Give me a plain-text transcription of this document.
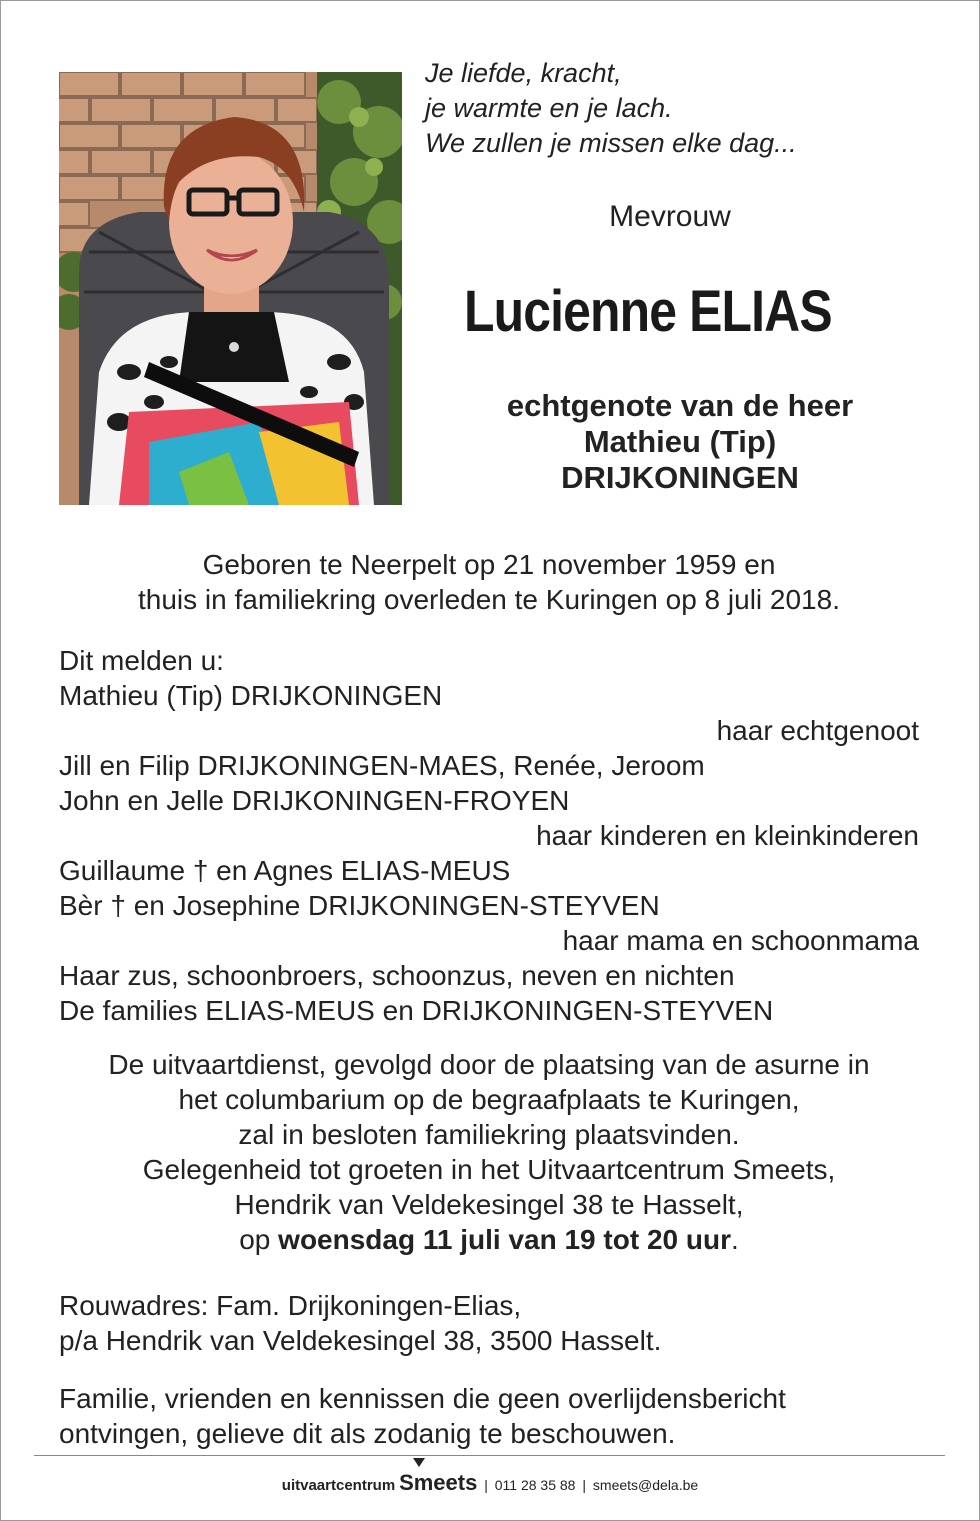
Je liefde, kracht,
je warmte en je lach.
We zullen je missen elke dag...
Mevrouw
Lucienne ELIAS
echtgenote van de heer
Mathieu (Tip)
DRIJKONINGEN
Geboren te Neerpelt op 21 november 1959 en
thuis in familiekring overleden te Kuringen op 8 juli 2018.
Dit melden u:
Mathieu (Tip) DRIJKONINGEN
haar echtgenoot
Jill en Filip DRIJKONINGEN-MAES, Renée, Jeroom
John en Jelle DRIJKONINGEN-FROYEN
haar kinderen en kleinkinderen
Guillaume † en Agnes ELIAS-MEUS
Bèr † en Josephine DRIJKONINGEN-STEYVEN
haar mama en schoonmama
Haar zus, schoonbroers, schoonzus, neven en nichten
De families ELIAS-MEUS en DRIJKONINGEN-STEYVEN
De uitvaartdienst, gevolgd door de plaatsing van de asurne in
het columbarium op de begraafplaats te Kuringen,
zal in besloten familiekring plaatsvinden.
Gelegenheid tot groeten in het Uitvaartcentrum Smeets,
Hendrik van Veldekesingel 38 te Hasselt,
op woensdag 11 juli van 19 tot 20 uur.
Rouwadres: Fam. Drijkoningen-Elias,
p/a Hendrik van Veldekesingel 38, 3500 Hasselt.
Familie, vrienden en kennissen die geen overlijdensbericht
ontvingen, gelieve dit als zodanig te beschouwen.
uitvaartcentrum Smeets | 011 28 35 88 | smeets@dela.be
